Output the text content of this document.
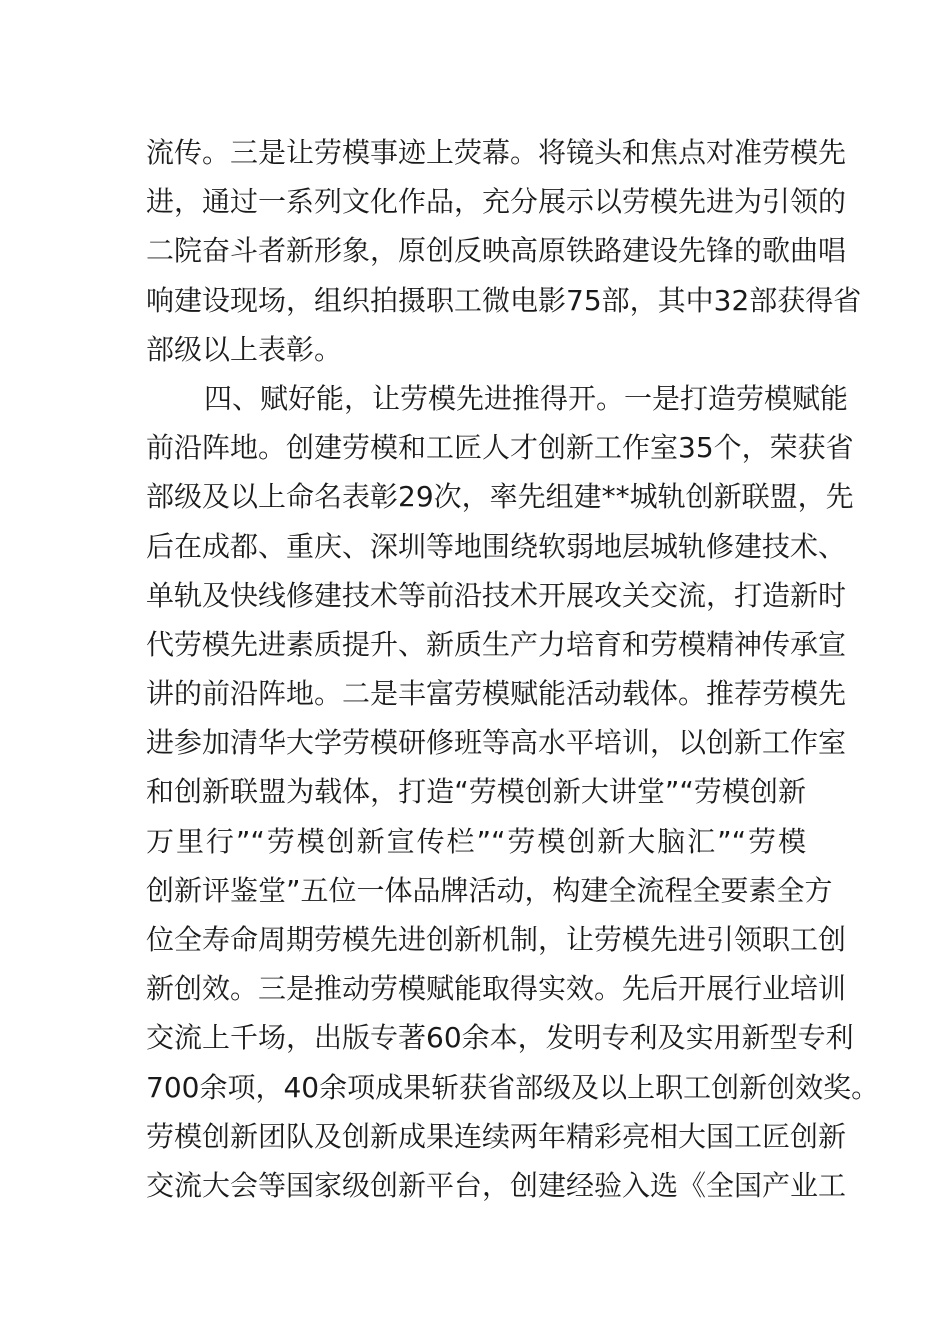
流传。三是让劳模事迹上荧幕。将镜头和焦点对准劳模先
进，通过一系列文化作品，充分展示以劳模先进为引领的
二院奋斗者新形象，原创反映高原铁路建设先锋的歌曲唱
响建设现场，组织拍摄职工微电影75部，其中32部获得省
部级以上表彰。
四、赋好能，让劳模先进推得开。一是打造劳模赋能
前沿阵地。创建劳模和工匠人才创新工作室35个，荣获省
部级及以上命名表彰29次，率先组建**城轨创新联盟，先
后在成都、重庆、深圳等地围绕软弱地层城轨修建技术、
单轨及快线修建技术等前沿技术开展攻关交流，打造新时
代劳模先进素质提升、新质生产力培育和劳模精神传承宣
讲的前沿阵地。二是丰富劳模赋能活动载体。推荐劳模先
进参加清华大学劳模研修班等高水平培训，以创新工作室
和创新联盟为载体，打造“劳模创新大讲堂”“劳模创新
万里行”“劳模创新宣传栏”“劳模创新大脑汇”“劳模
创新评鉴堂”五位一体品牌活动，构建全流程全要素全方
位全寿命周期劳模先进创新机制，让劳模先进引领职工创
新创效。三是推动劳模赋能取得实效。先后开展行业培训
交流上千场，出版专著60余本，发明专利及实用新型专利
700余项，40余项成果斩获省部级及以上职工创新创效奖。
劳模创新团队及创新成果连续两年精彩亮相大国工匠创新
交流大会等国家级创新平台，创建经验入选《全国产业工
